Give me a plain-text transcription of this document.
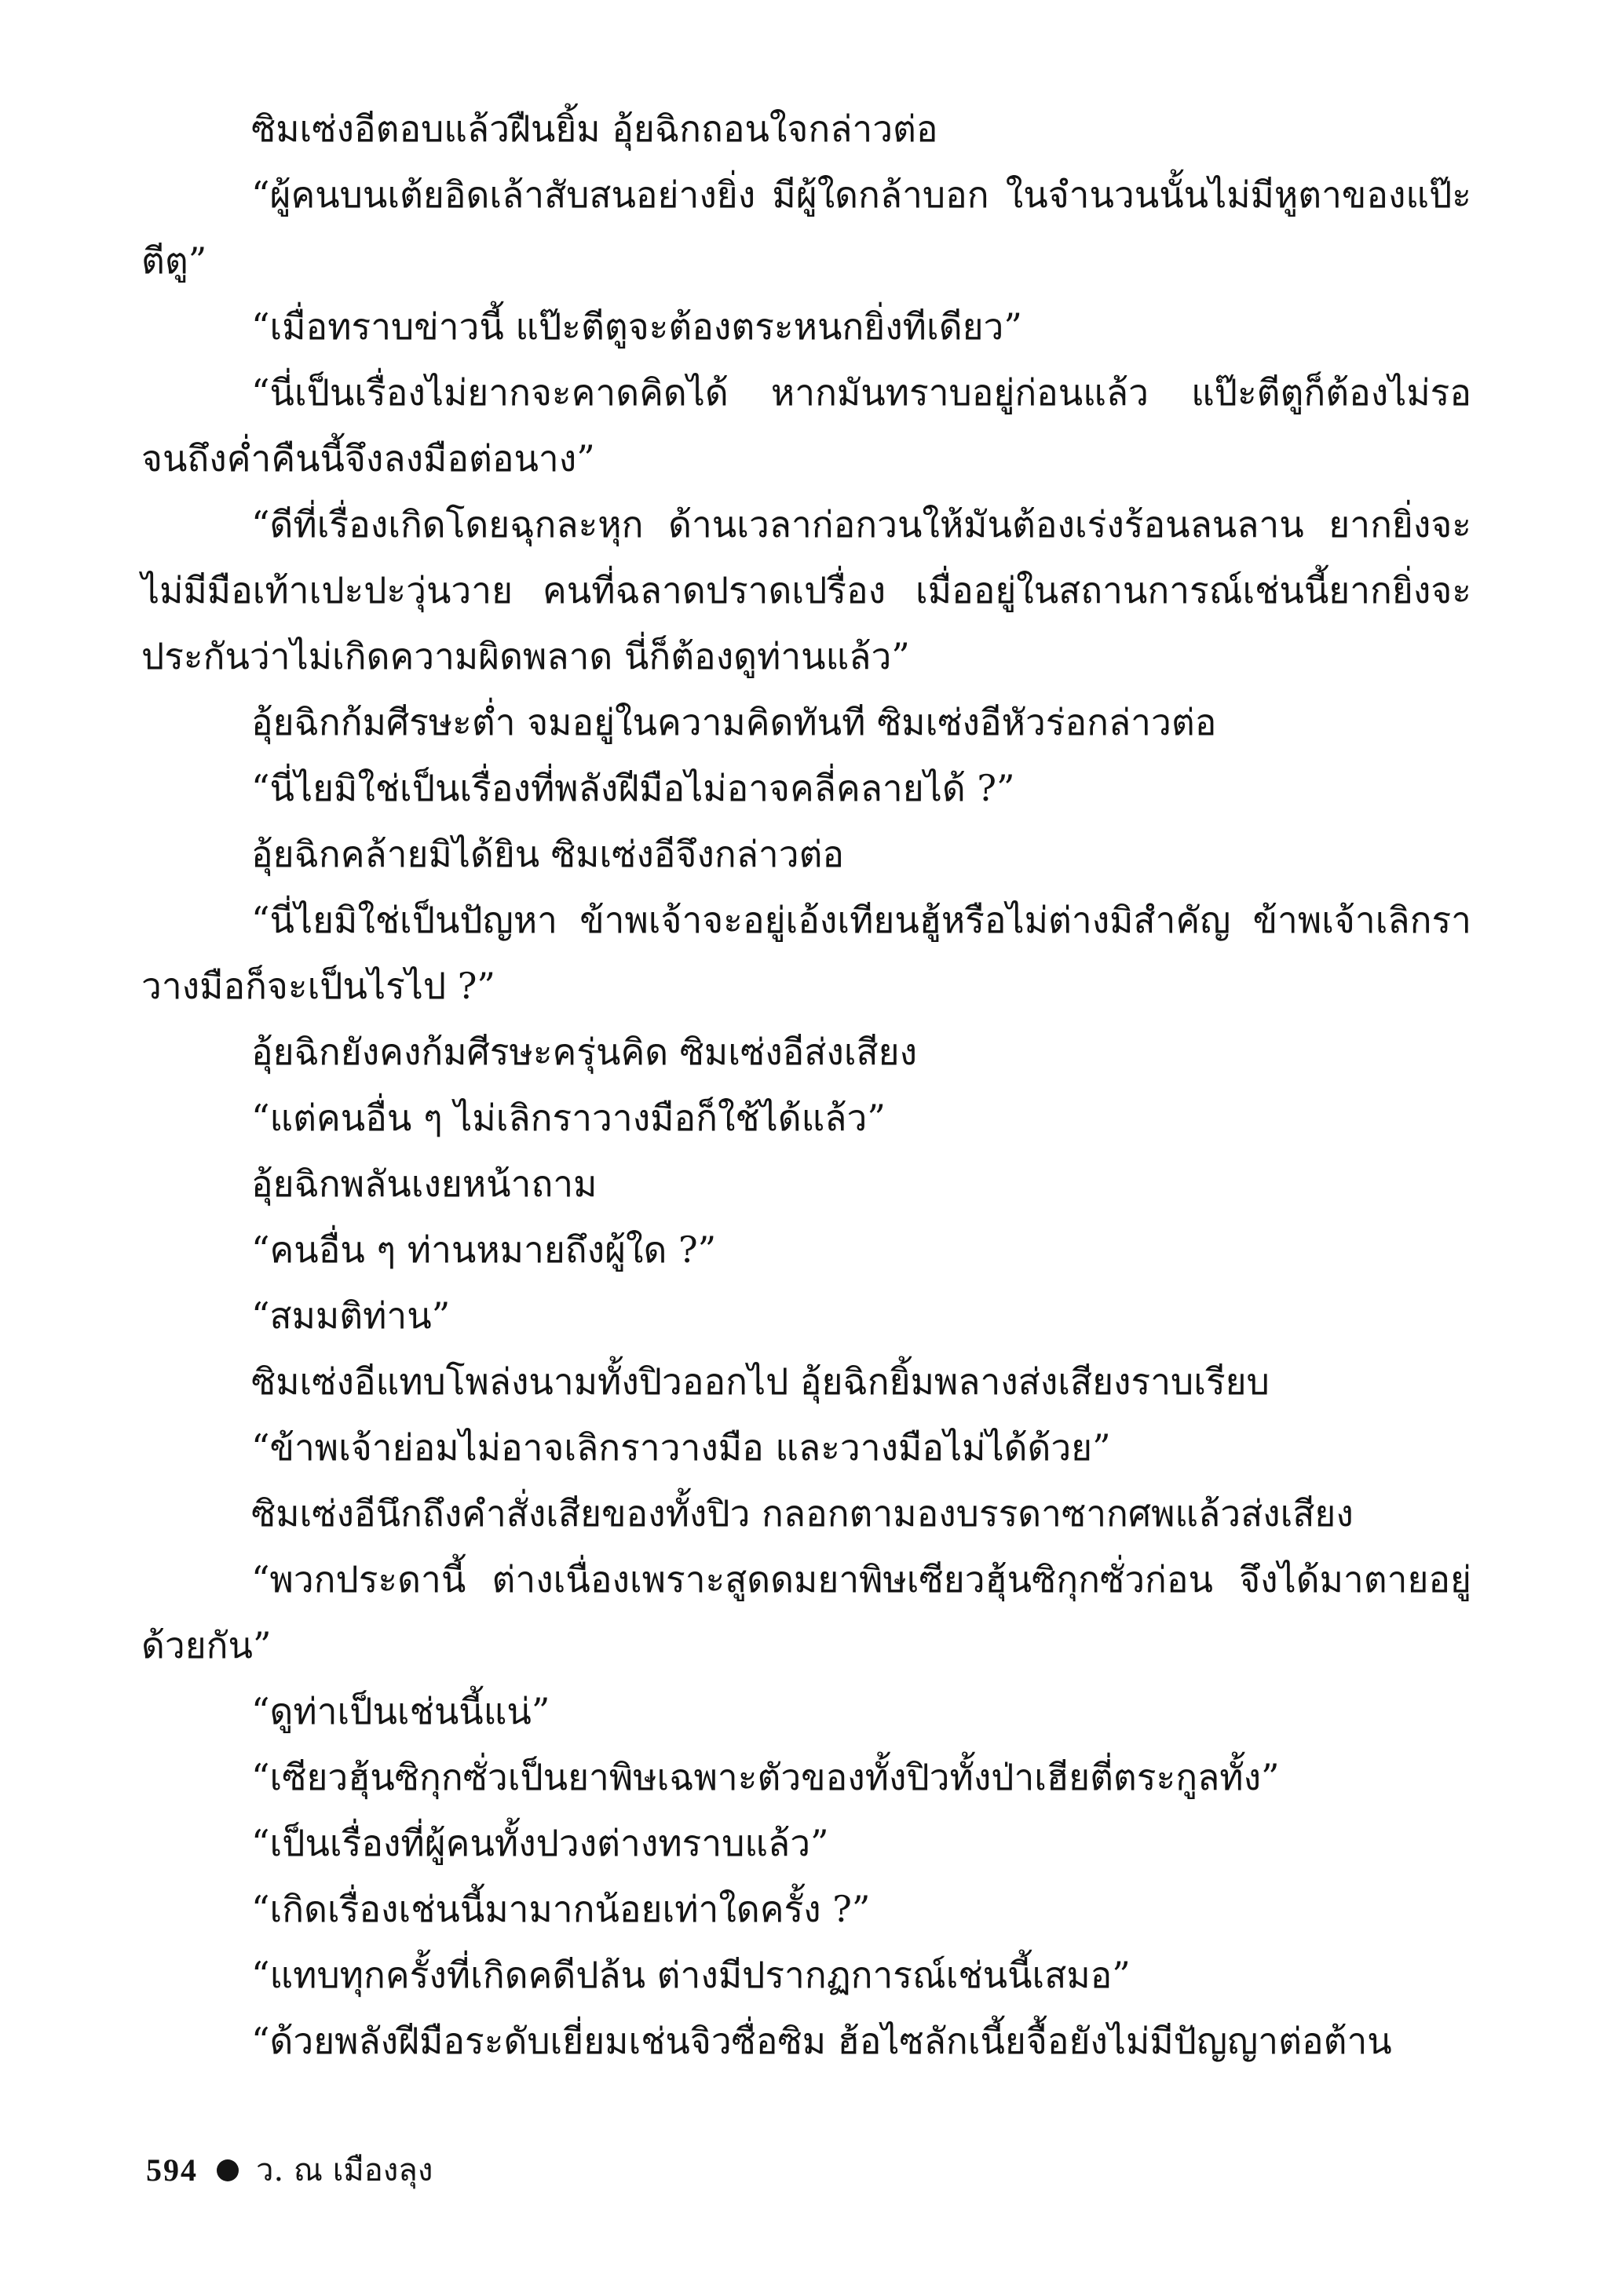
ซิมเซ่งอีตอบแล้วฝืนยิ้ม อุ้ยฉิกถอนใจกล่าวต่อ

“ผู้คนบนเต้ยอิดเล้าสับสนอย่างยิ่ง มีผู้ใดกล้าบอก ในจำนวนนั้นไม่มีหูตาของแป๊ะตีตู”

“เมื่อทราบข่าวนี้ แป๊ะตีตูจะต้องตระหนกยิ่งทีเดียว”

“นี่เป็นเรื่องไม่ยากจะคาดคิดได้ หากมันทราบอยู่ก่อนแล้ว แป๊ะตีตูก็ต้องไม่รอจนถึงค่ำคืนนี้จึงลงมือต่อนาง”

“ดีที่เรื่องเกิดโดยฉุกละหุก ด้านเวลาก่อกวนให้มันต้องเร่งร้อนลนลาน ยากยิ่งจะไม่มีมือเท้าเปะปะวุ่นวาย คนที่ฉลาดปราดเปรื่อง เมื่ออยู่ในสถานการณ์เช่นนี้ยากยิ่งจะประกันว่าไม่เกิดความผิดพลาด นี่ก็ต้องดูท่านแล้ว”

อุ้ยฉิกก้มศีรษะต่ำ จมอยู่ในความคิดทันที ซิมเซ่งอีหัวร่อกล่าวต่อ

“นี่ไยมิใช่เป็นเรื่องที่พลังฝีมือไม่อาจคลี่คลายได้ ?”

อุ้ยฉิกคล้ายมิได้ยิน ซิมเซ่งอีจึงกล่าวต่อ

“นี่ไยมิใช่เป็นปัญหา ข้าพเจ้าจะอยู่เอ้งเทียนฮู้หรือไม่ต่างมิสำคัญ ข้าพเจ้าเลิกราวางมือก็จะเป็นไรไป ?”

อุ้ยฉิกยังคงก้มศีรษะครุ่นคิด ซิมเซ่งอีส่งเสียง

“แต่คนอื่น ๆ ไม่เลิกราวางมือก็ใช้ได้แล้ว”

อุ้ยฉิกพลันเงยหน้าถาม

“คนอื่น ๆ ท่านหมายถึงผู้ใด ?”

“สมมติท่าน”

ซิมเซ่งอีแทบโพล่งนามทั้งปิวออกไป อุ้ยฉิกยิ้มพลางส่งเสียงราบเรียบ

“ข้าพเจ้าย่อมไม่อาจเลิกราวางมือ และวางมือไม่ได้ด้วย”

ซิมเซ่งอีนึกถึงคำสั่งเสียของทั้งปิว กลอกตามองบรรดาซากศพแล้วส่งเสียง

“พวกประดานี้ ต่างเนื่องเพราะสูดดมยาพิษเซียวฮุ้นซิกุกซั่วก่อน จึงได้มาตายอยู่ด้วยกัน”

“ดูท่าเป็นเช่นนี้แน่”

“เซียวฮุ้นซิกุกซั่วเป็นยาพิษเฉพาะตัวของทั้งปิวทั้งป่าเฮียตี่ตระกูลทั้ง”

“เป็นเรื่องที่ผู้คนทั้งปวงต่างทราบแล้ว”

“เกิดเรื่องเช่นนี้มามากน้อยเท่าใดครั้ง ?”

“แทบทุกครั้งที่เกิดคดีปล้น ต่างมีปรากฏการณ์เช่นนี้เสมอ”

“ด้วยพลังฝีมือระดับเยี่ยมเช่นจิวซื่อซิม ฮ้อไซลักเนี้ยจื้อยังไม่มีปัญญาต่อต้าน

594 ว. ณ เมืองลุง
